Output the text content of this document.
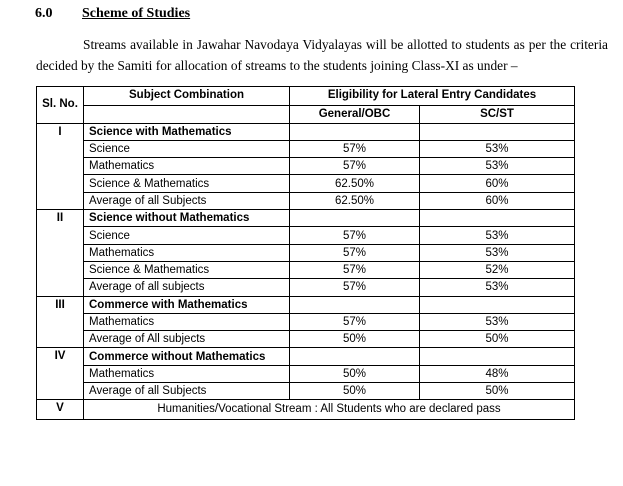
6.0 Scheme of Studies

Streams available in Jawahar Navodaya Vidyalayas will be allotted to students as per the criteria decided by the Samiti for allocation of streams to the students joining Class-XI as under –

Sl. No.	Subject Combination	Eligibility for Lateral Entry Candidates	
		General/OBC	SC/ST
I	Science with Mathematics		
	Science	57%	53%
	Mathematics	57%	53%
	Science & Mathematics	62.50%	60%
	Average of all Subjects	62.50%	60%
II	Science without Mathematics		
	Science	57%	53%
	Mathematics	57%	53%
	Science & Mathematics	57%	52%
	Average of all subjects	57%	53%
III	Commerce with Mathematics		
	Mathematics	57%	53%
	Average of All subjects	50%	50%
IV	Commerce without Mathematics		
	Mathematics	50%	48%
	Average of all Subjects	50%	50%
V	Humanities/Vocational Stream : All Students who are declared pass		
